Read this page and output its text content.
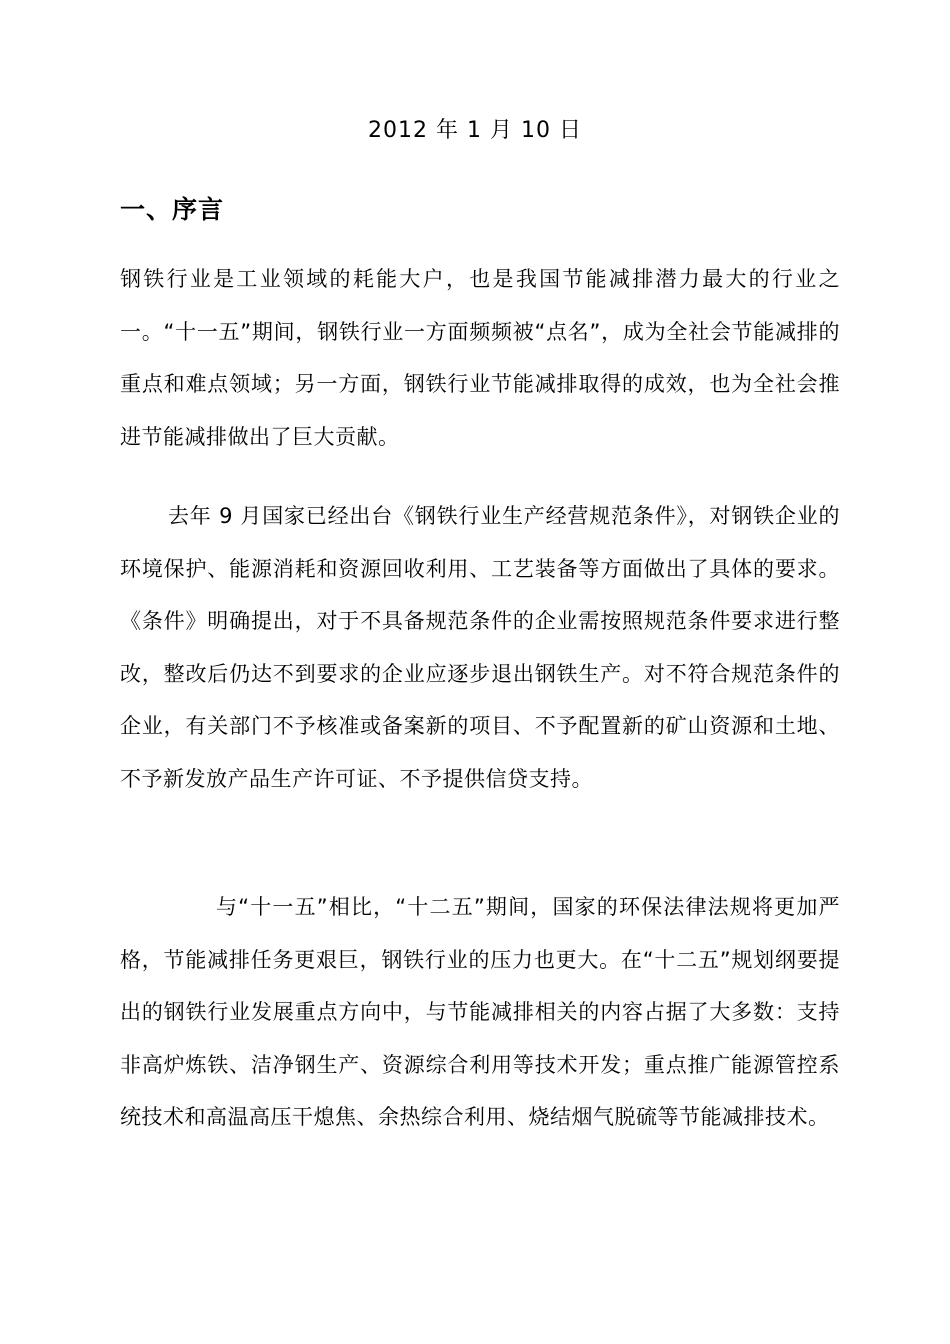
2012 年 1 月 10 日
一、序言

钢铁行业是工业领域的耗能大户，也是我国节能减排潜力最大的行业之一。“十一五”期间，钢铁行业一方面频频被“点名”，成为全社会节能减排的重点和难点领域；另一方面，钢铁行业节能减排取得的成效，也为全社会推进节能减排做出了巨大贡献。

去年 9 月国家已经出台《钢铁行业生产经营规范条件》，对钢铁企业的环境保护、能源消耗和资源回收利用、工艺装备等方面做出了具体的要求。《条件》明确提出，对于不具备规范条件的企业需按照规范条件要求进行整改，整改后仍达不到要求的企业应逐步退出钢铁生产。对不符合规范条件的企业，有关部门不予核准或备案新的项目、不予配置新的矿山资源和土地、不予新发放产品生产许可证、不予提供信贷支持。

与“十一五”相比，“十二五”期间，国家的环保法律法规将更加严格，节能减排任务更艰巨，钢铁行业的压力也更大。在“十二五”规划纲要提出的钢铁行业发展重点方向中，与节能减排相关的内容占据了大多数：支持非高炉炼铁、洁净钢生产、资源综合利用等技术开发；重点推广能源管控系统技术和高温高压干熄焦、余热综合利用、烧结烟气脱硫等节能减排技术。
